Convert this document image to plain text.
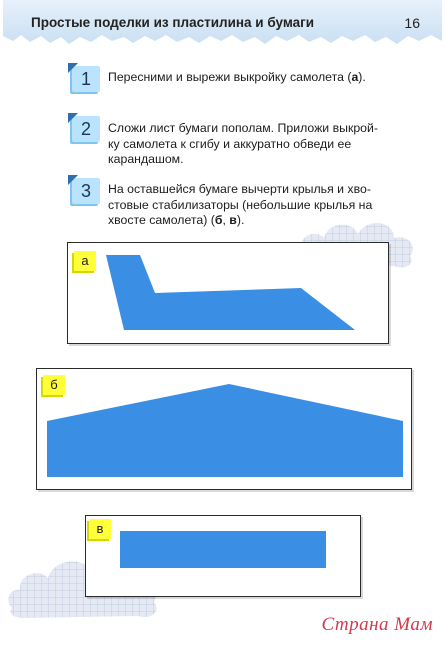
Простые поделки из пластилина и бумаги	16
1	Пересними и вырежи выкройку самолета (а).
2	Сложи лист бумаги пополам. Приложи выкрой-
ку самолета к сгибу и аккуратно обведи ее
карандашом.
3	На оставшейся бумаге вычерти крылья и хво-
стовые стабилизаторы (небольшие крылья на
хвосте самолета) (б, в).
а
б
в
Страна Мам
